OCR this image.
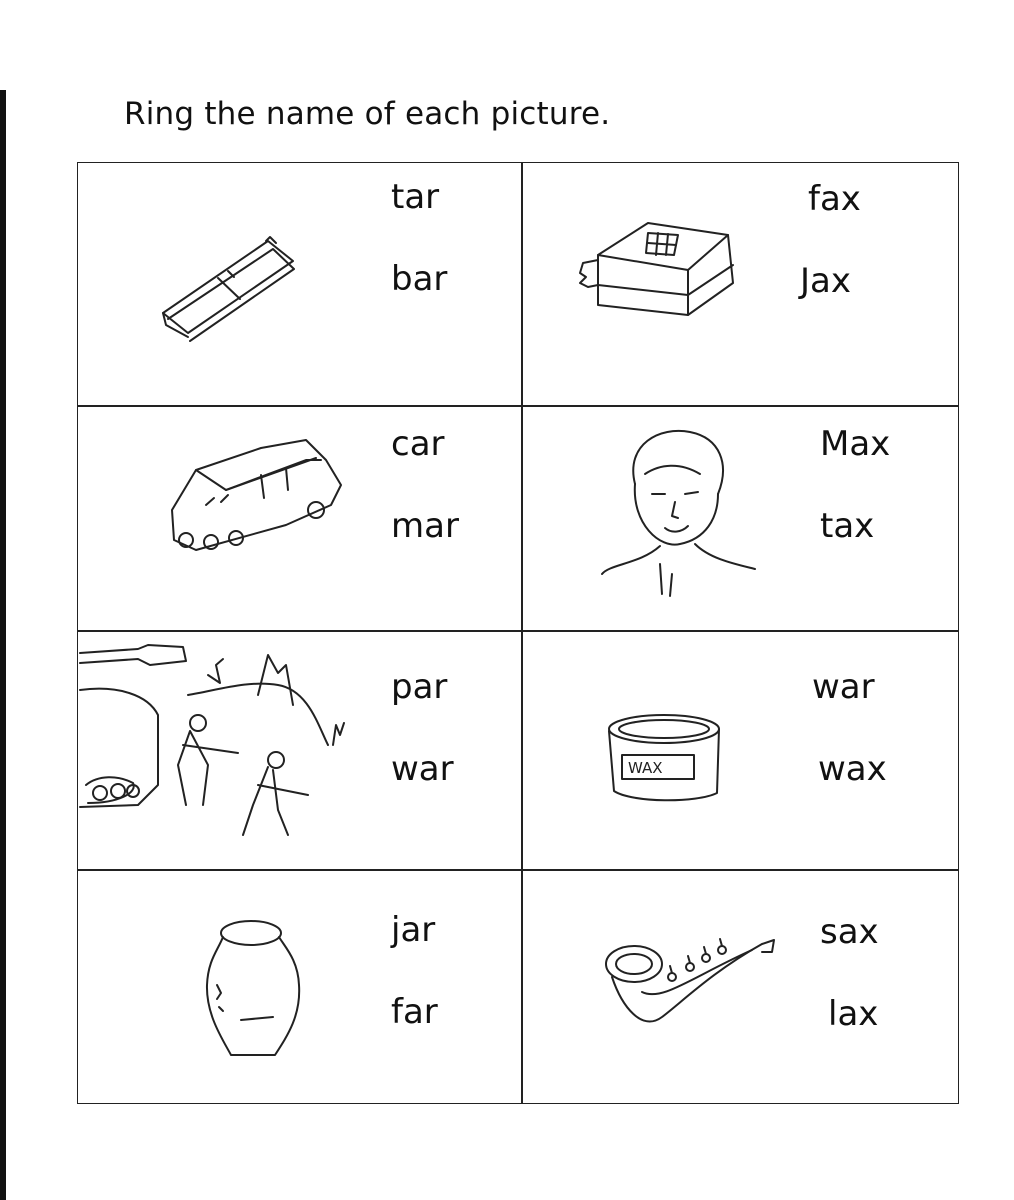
Ring the name of each picture.
tar
bar
fax
Jax
car
mar
Max
tax
par
war	WAX
war
wax
jar
far
sax
lax
